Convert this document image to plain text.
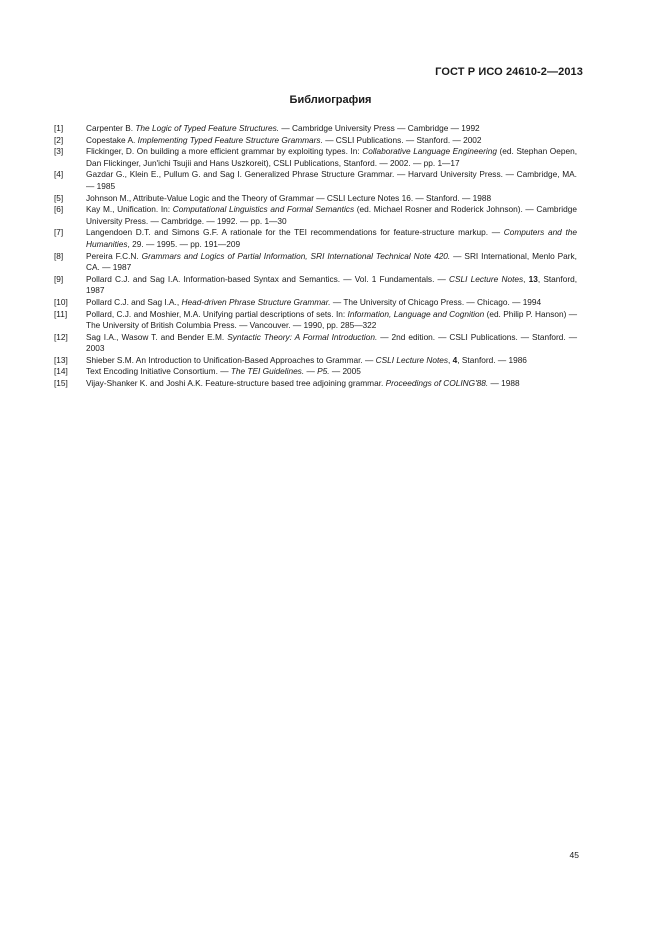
ГОСТ Р ИСО 24610-2—2013
Библиография
[1]	Carpenter B. The Logic of Typed Feature Structures. — Cambridge University Press — Cambridge — 1992
[2]	Copestake A. Implementing Typed Feature Structure Grammars. — CSLI Publications. — Stanford. — 2002
[3]	Flickinger, D. On building a more efficient grammar by exploiting types. In: Collaborative Language Engineering (ed. Stephan Oepen, Dan Flickinger, Jun'ichi Tsujii and Hans Uszkoreit), CSLI Publications, Stanford. — 2002. — pp. 1—17
[4]	Gazdar G., Klein E., Pullum G. and Sag I. Generalized Phrase Structure Grammar. — Harvard University Press. — Cambridge, MA. — 1985
[5]	Johnson M., Attribute-Value Logic and the Theory of Grammar — CSLI Lecture Notes 16. — Stanford. — 1988
[6]	Kay M., Unification. In: Computational Linguistics and Formal Semantics (ed. Michael Rosner and Roderick Johnson). — Cambridge University Press. — Cambridge. — 1992. — pp. 1—30
[7]	Langendoen D.T. and Simons G.F. A rationale for the TEI recommendations for feature-structure markup. — Computers and the Humanities, 29. — 1995. — pp. 191—209
[8]	Pereira F.C.N. Grammars and Logics of Partial Information, SRI International Technical Note 420. — SRI International, Menlo Park, CA. — 1987
[9]	Pollard C.J. and Sag I.A. Information-based Syntax and Semantics. — Vol. 1 Fundamentals. — CSLI Lecture Notes, 13, Stanford, 1987
[10]	Pollard C.J. and Sag I.A., Head-driven Phrase Structure Grammar. — The University of Chicago Press. — Chicago. — 1994
[11]	Pollard, C.J. and Moshier, M.A. Unifying partial descriptions of sets. In: Information, Language and Cognition (ed. Philip P. Hanson) — The University of British Columbia Press. — Vancouver. — 1990, pp. 285—322
[12]	Sag I.A., Wasow T. and Bender E.M. Syntactic Theory: A Formal Introduction. — 2nd edition. — CSLI Publications. — Stanford. — 2003
[13]	Shieber S.M. An Introduction to Unification-Based Approaches to Grammar. — CSLI Lecture Notes, 4, Stanford. — 1986
[14]	Text Encoding Initiative Consortium. — The TEI Guidelines. — P5. — 2005
[15]	Vijay-Shanker K. and Joshi A.K. Feature-structure based tree adjoining grammar. Proceedings of COLING'88. — 1988
45
